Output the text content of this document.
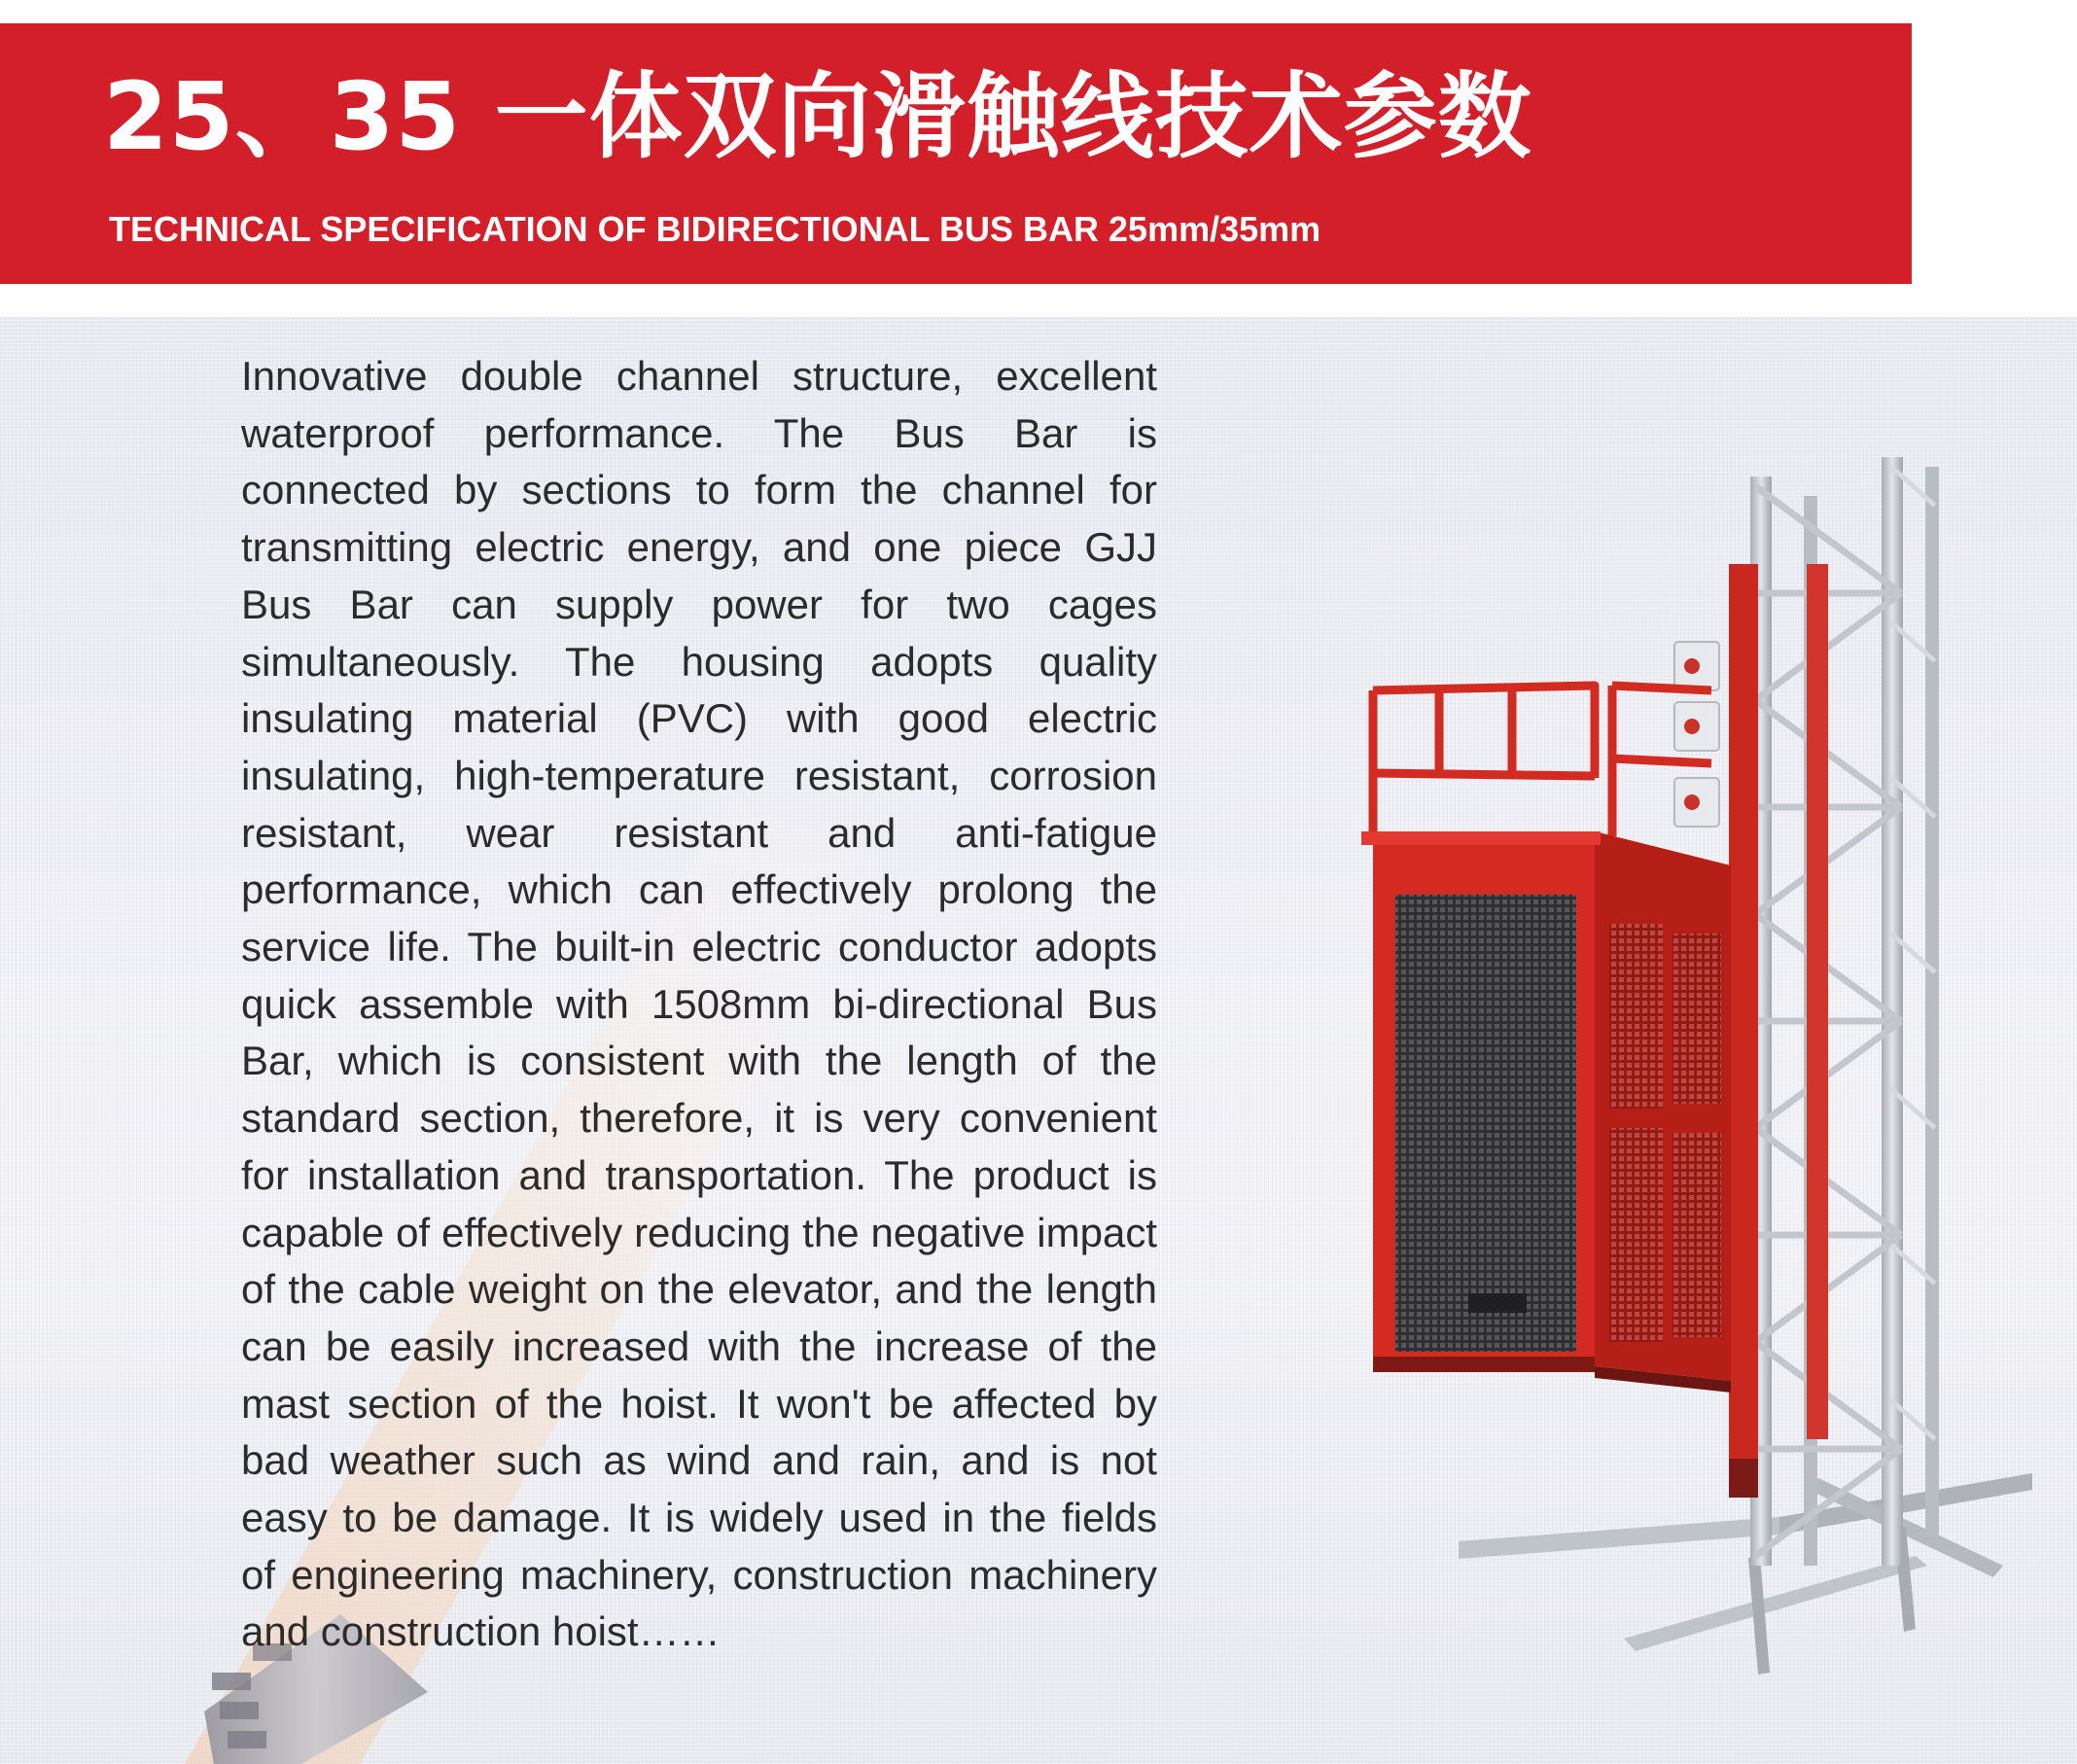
25、35 一体双向滑触线技术参数
TECHNICAL SPECIFICATION OF BIDIRECTIONAL BUS BAR 25mm/35mm

Innovative double channel structure, excellent waterproof performance. The Bus Bar is connected by sections to form the channel for transmitting electric energy, and one piece GJJ Bus Bar can supply power for two cages simultaneously. The housing adopts quality insulating material (PVC) with good electric insulating, high-temperature resistant, corrosion resistant, wear resistant and anti-fatigue performance, which can effectively prolong the service life. The built-in electric conductor adopts quick assemble with 1508mm bi-directional Bus Bar, which is consistent with the length of the standard section, therefore, it is very convenient for installation and transportation. The product is capable of effectively reducing the negative impact of the cable weight on the elevator, and the length can be easily increased with the increase of the mast section of the hoist. It won't be affected by bad weather such as wind and rain, and is not easy to be damage. It is widely used in the fields of engineering machinery, construction machinery and construction hoist……
